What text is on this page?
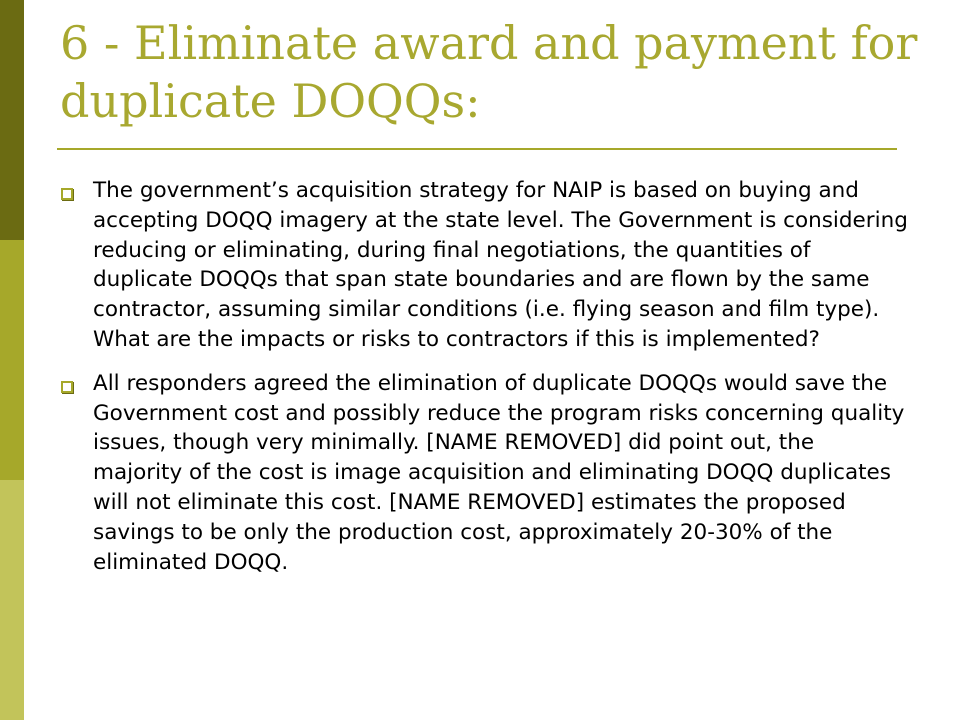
6 - Eliminate award and payment for duplicate DOQQs:
The government’s acquisition strategy for NAIP is based on buying and accepting DOQQ imagery at the state level. The Government is considering reducing or eliminating, during final negotiations, the quantities of duplicate DOQQs that span state boundaries and are flown by the same contractor, assuming similar conditions (i.e. flying season and film type). What are the impacts or risks to contractors if this is implemented?
All responders agreed the elimination of duplicate DOQQs would save the Government cost and possibly reduce the program risks concerning quality issues, though very minimally. [NAME REMOVED] did point out, the majority of the cost is image acquisition and eliminating DOQQ duplicates will not eliminate this cost. [NAME REMOVED] estimates the proposed savings to be only the production cost, approximately 20-30% of the eliminated DOQQ.
